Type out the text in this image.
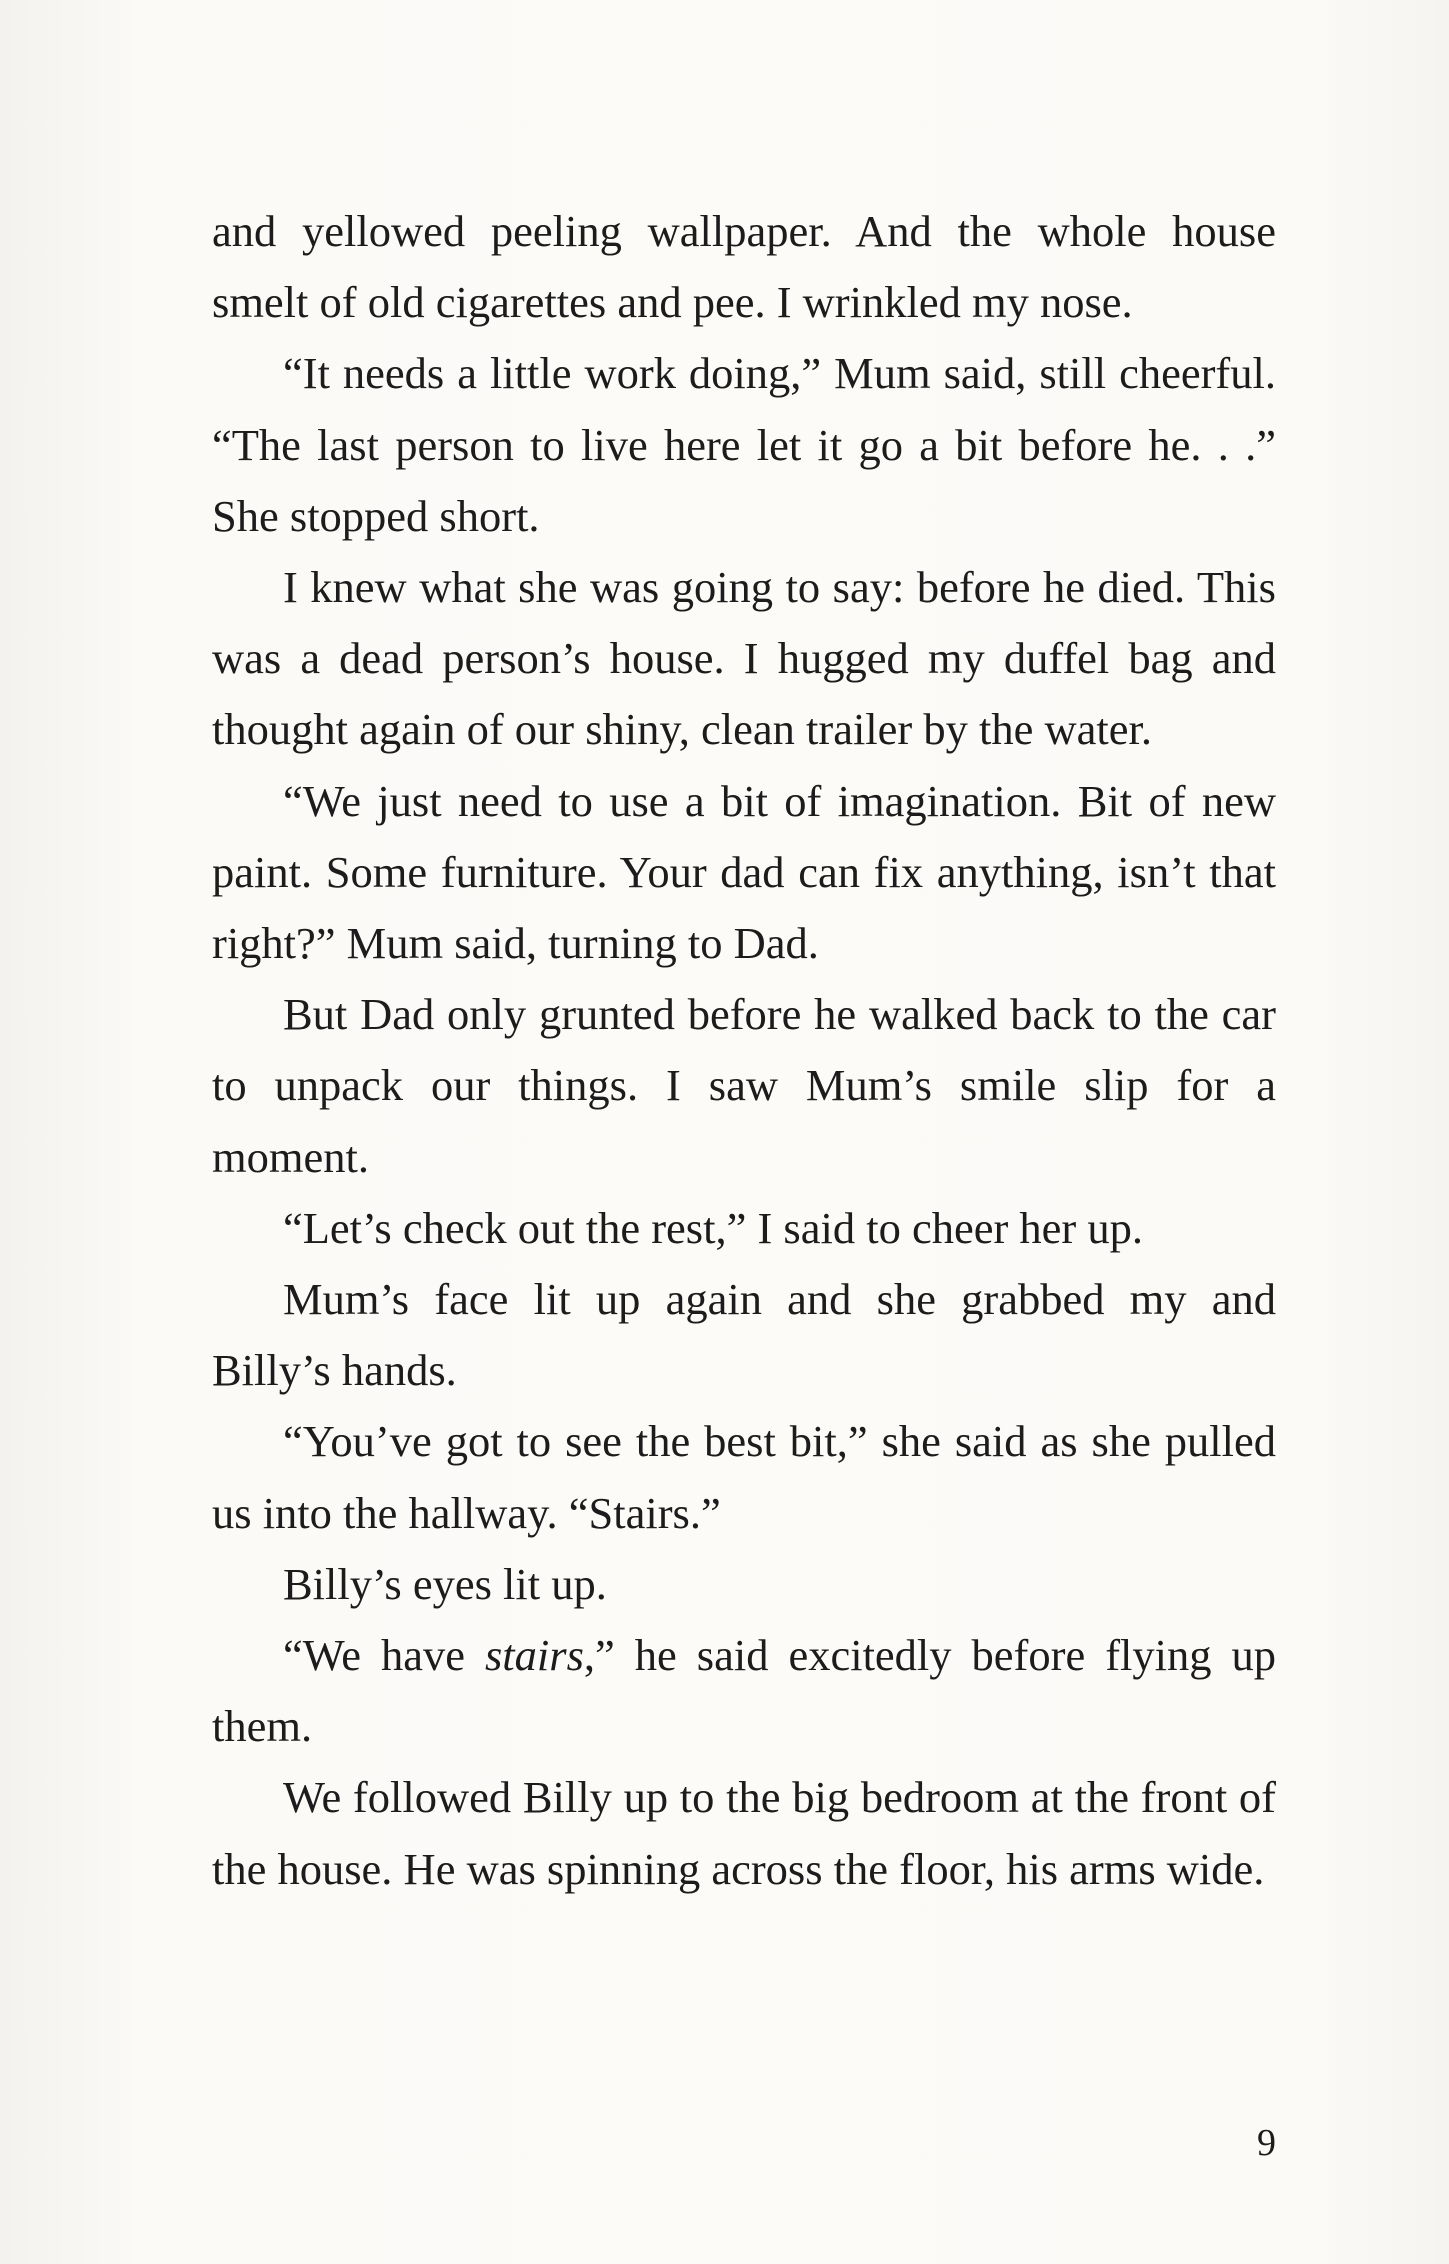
and yellowed peeling wallpaper. And the whole house smelt of old cigarettes and pee. I wrinkled my nose.

“It needs a little work doing,” Mum said, still cheerful. “The last person to live here let it go a bit before he. . .” She stopped short.

I knew what she was going to say: before he died. This was a dead person’s house. I hugged my duffel bag and thought again of our shiny, clean trailer by the water.

“We just need to use a bit of imagination. Bit of new paint. Some furniture. Your dad can fix anything, isn’t that right?” Mum said, turning to Dad.

But Dad only grunted before he walked back to the car to unpack our things. I saw Mum’s smile slip for a moment.

“Let’s check out the rest,” I said to cheer her up.

Mum’s face lit up again and she grabbed my and Billy’s hands.

“You’ve got to see the best bit,” she said as she pulled us into the hallway. “Stairs.”

Billy’s eyes lit up.

“We have stairs,” he said excitedly before flying up them.

We followed Billy up to the big bedroom at the front of the house. He was spinning across the floor, his arms wide.

9
